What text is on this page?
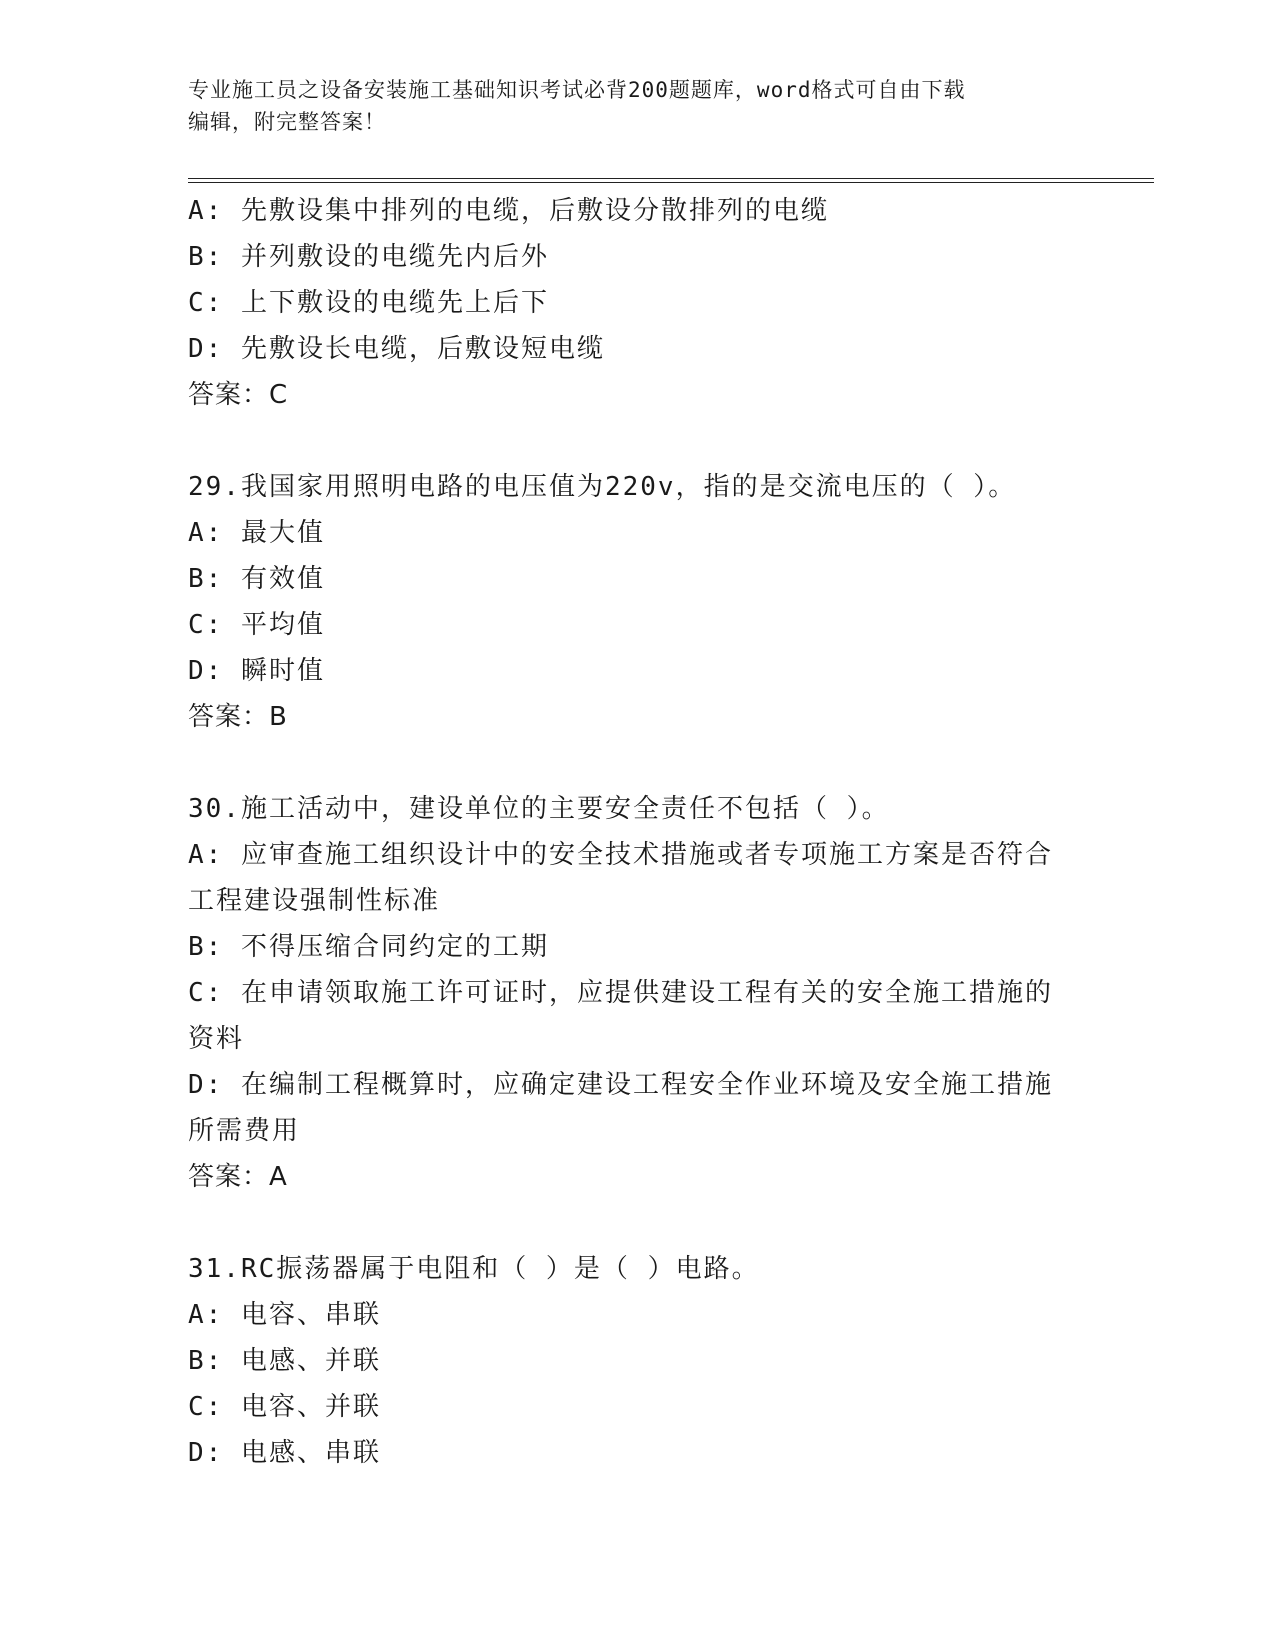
专业施工员之设备安装施工基础知识考试必背200题题库，word格式可自由下载
编辑，附完整答案！
A: 先敷设集中排列的电缆，后敷设分散排列的电缆
B: 并列敷设的电缆先内后外
C: 上下敷设的电缆先上后下
D: 先敷设长电缆，后敷设短电缆
答案：C
29.我国家用照明电路的电压值为220v，指的是交流电压的（ ）。
A: 最大值
B: 有效值
C: 平均值
D: 瞬时值
答案：B
30.施工活动中，建设单位的主要安全责任不包括（ ）。
A: 应审查施工组织设计中的安全技术措施或者专项施工方案是否符合
工程建设强制性标准
B: 不得压缩合同约定的工期
C: 在申请领取施工许可证时，应提供建设工程有关的安全施工措施的
资料
D: 在编制工程概算时，应确定建设工程安全作业环境及安全施工措施
所需费用
答案：A
31.RC振荡器属于电阻和（ ）是（ ）电路。
A: 电容、串联
B: 电感、并联
C: 电容、并联
D: 电感、串联
